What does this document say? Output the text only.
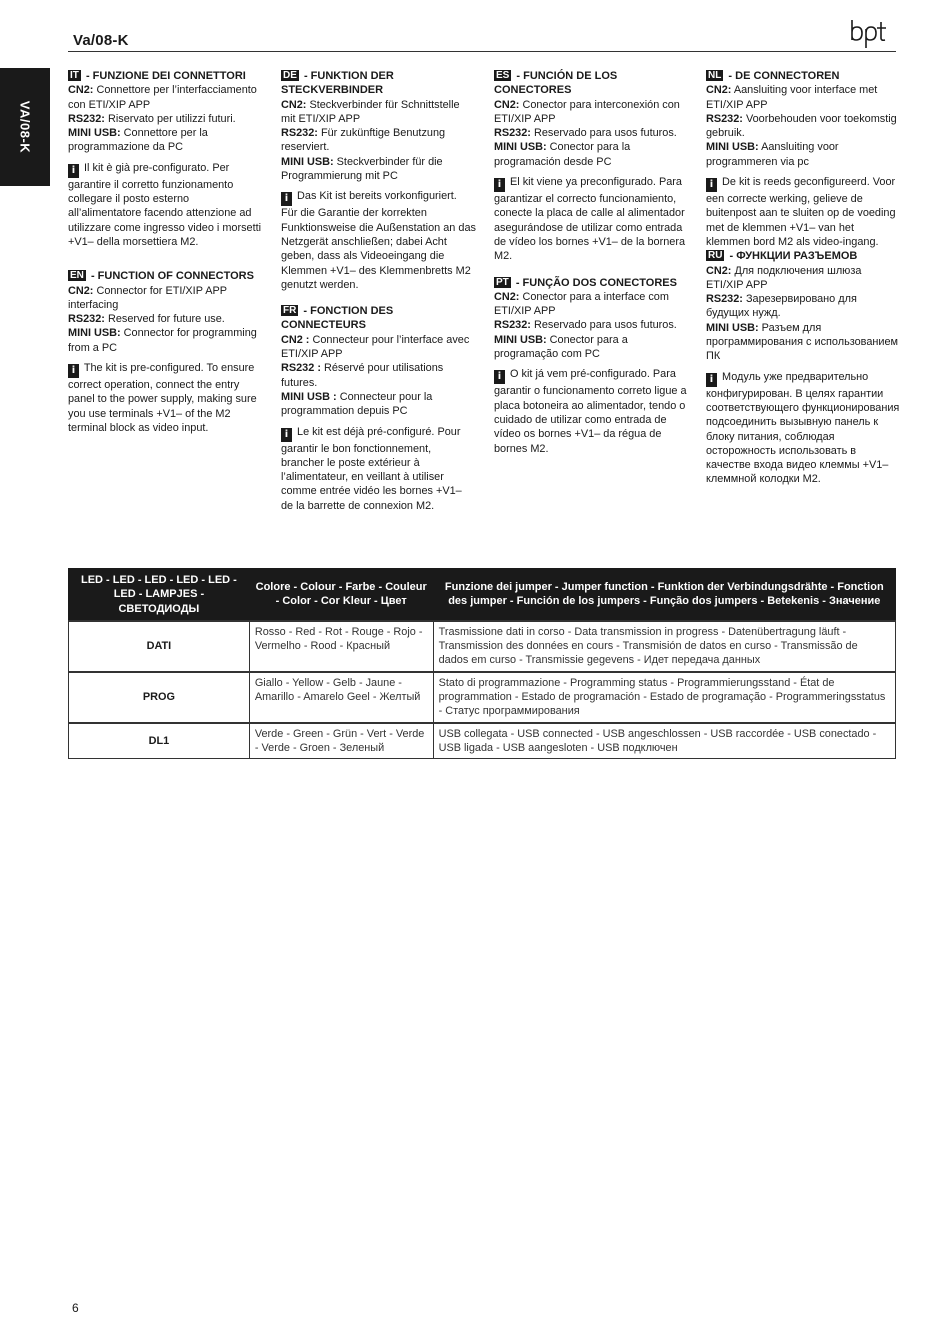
Va/08-K
VA/08-K
IT - FUNZIONE DEI CONNETTORI
CN2: Connettore per l’interfacciamento con ETI/XIP APP
RS232: Riservato per utilizzi futuri.
MINI USB: Connettore per la programmazione da PC
i Il kit è già pre-configurato. Per garantire il corretto funzionamento collegare il posto esterno all’alimentatore facendo attenzione ad utilizzare come ingresso video i morsetti +V1– della morsettiera M2.
EN - FUNCTION OF CONNECTORS
CN2: Connector for ETI/XIP APP interfacing
RS232: Reserved for future use.
MINI USB: Connector for programming from a PC
i The kit is pre-configured. To ensure correct operation, connect the entry panel to the power supply, making sure you use terminals +V1– of the M2 terminal block as video input.
DE - FUNKTION DER STECKVERBINDER
CN2: Steckverbinder für Schnittstelle mit ETI/XIP APP
RS232: Für zukünftige Benutzung reserviert.
MINI USB: Steckverbinder für die Programmierung mit PC
i Das Kit ist bereits vorkonfiguriert. Für die Garantie der korrekten Funktionsweise die Außenstation an das Netzgerät anschließen; dabei Acht geben, dass als Videoeingang die Klemmen +V1– des Klemmenbretts M2 genutzt werden.
FR - FONCTION DES CONNECTEURS
CN2 : Connecteur pour l’interface avec ETI/XIP APP
RS232 : Réservé pour utilisations futures.
MINI USB : Connecteur pour la programmation depuis PC
i Le kit est déjà pré-configuré. Pour garantir le bon fonctionnement, brancher le poste extérieur à l’alimentateur, en veillant à utiliser comme entrée vidéo les bornes +V1– de la barrette de connexion M2.
ES - FUNCIÓN DE LOS CONECTORES
CN2: Conector para interconexión con ETI/XIP APP
RS232: Reservado para usos futuros.
MINI USB: Conector para la programación desde PC
i El kit viene ya preconfigurado. Para garantizar el correcto funcionamiento, conecte la placa de calle al alimentador asegurándose de utilizar como entrada de vídeo los bornes +V1– de la bornera M2.
PT - FUNÇÃO DOS CONECTORES
CN2: Conector para a interface com ETI/XIP APP
RS232: Reservado para usos futuros.
MINI USB: Conector para a programação com PC
i O kit já vem pré-configurado. Para garantir o funcionamento correto ligue a placa botoneira ao alimentador, tendo o cuidado de utilizar como entrada de vídeo os bornes +V1– da régua de bornes M2.
NL - DE CONNECTOREN
CN2: Aansluiting voor interface met ETI/XIP APP
RS232: Voorbehouden voor toekomstig gebruik.
MINI USB: Aansluiting voor programmeren via pc
i De kit is reeds geconfigureerd. Voor een correcte werking, gelieve de buitenpost aan te sluiten op de voeding met de klemmen +V1– van het klemmen bord M2 als video-ingang.
RU - ФУНКЦИИ РАЗЪЕМОВ
CN2: Для подключения шлюза ETI/XIP APP
RS232: Зарезервировано для будущих нужд.
MINI USB: Разъем для программирования с использованием ПК
i Модуль уже предварительно конфигурирован. В целях гарантии соответствующего функционирования подсоединить вызывную панель к блоку питания, соблюдая осторожность использовать в качестве входа видео клеммы +V1– клеммной колодки M2.
LED - LED - LED - LED - LED - LED - LAMPJES - СВЕТОДИОДЫ	Colore - Colour - Farbe - Couleur - Color - Cor Kleur - Цвет	Funzione dei jumper - Jumper function - Funktion der Verbindungsdrähte - Fonction des jumper - Función de los jumpers - Função dos jumpers - Betekenis - Значение
DATI	Rosso - Red - Rot - Rouge - Rojo - Vermelho - Rood - Красный	Trasmissione dati in corso - Data transmission in progress - Datenübertragung läuft - Transmission des données en cours - Transmisión de datos en curso - Transmissão de dados em curso - Transmissie gegevens - Идет передача данных
PROG	Giallo - Yellow - Gelb - Jaune - Amarillo - Amarelo Geel - Желтый	Stato di programmazione - Programming status - Programmierungsstand - État de programmation - Estado de programación - Estado de programação - Programmeringsstatus - Статус программирования
DL1	Verde - Green - Grün - Vert - Verde - Verde - Groen - Зеленый	USB collegata - USB connected - USB angeschlossen - USB raccordée - USB conectado - USB ligada - USB aangesloten - USB подключен
6
